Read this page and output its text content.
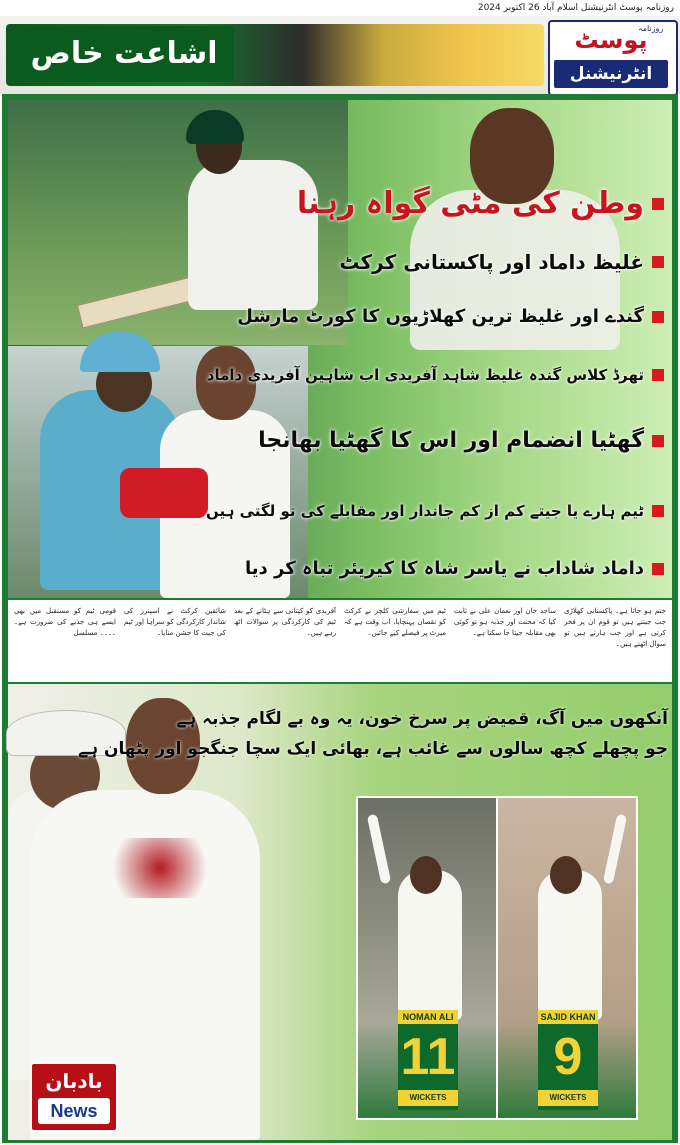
روزنامہ پوسٹ انٹرنیشنل اسلام آباد 26 اکتوبر 2024
اشاعت خاص
روزنامہ
پوسٹ
انٹرنیشنل
وطن کی مٹی گواہ رہنا
غلیظ داماد اور پاکستانی کرکٹ
گندے اور غلیظ ترین کھلاڑیوں کا کورٹ مارشل
تھرڈ کلاس گندہ غلیظ شاہد آفریدی اب شاہین آفریدی داماد
گھٹیا انضمام اور اس کا گھٹیا بھانجا
ٹیم ہارے یا جیتے کم از کم جاندار اور مقابلے کی تو لگتی ہیں
داماد شاداب نے یاسر شاہ کا کیریئر تباہ کر دیا
ختم ہو جاتا ہے۔ پاکستانی کھلاڑی جب جیتتے ہیں تو قوم ان پر فخر کرتی ہے اور جب ہارتے ہیں تو سوال اٹھتے ہیں۔
ساجد خان اور نعمان علی نے ثابت کیا کہ محنت اور جذبہ ہو تو کوئی بھی مقابلہ جیتا جا سکتا ہے۔
ٹیم میں سفارشی کلچر نے کرکٹ کو نقصان پہنچایا، اب وقت ہے کہ میرٹ پر فیصلے کیے جائیں۔
آفریدی کو کپتانی سے ہٹانے کے بعد ٹیم کی کارکردگی پر سوالات اٹھ رہے ہیں۔
شائقین کرکٹ نے اسپنرز کی شاندار کارکردگی کو سراہا اور ٹیم کی جیت کا جشن منایا۔
قومی ٹیم کو مستقبل میں بھی ایسے ہی جذبے کی ضرورت ہے۔ ۔۔۔۔ مسلسل
آنکھوں میں آگ، قمیض پر سرخ خون، یہ وہ بے لگام جذبہ ہے
جو پچھلے کچھ سالوں سے غائب ہے، بھائی ایک سچا جنگجو اور پٹھان ہے
NOMAN ALI
11
WICKETS
SAJID KHAN
9
WICKETS
بادبان
News
